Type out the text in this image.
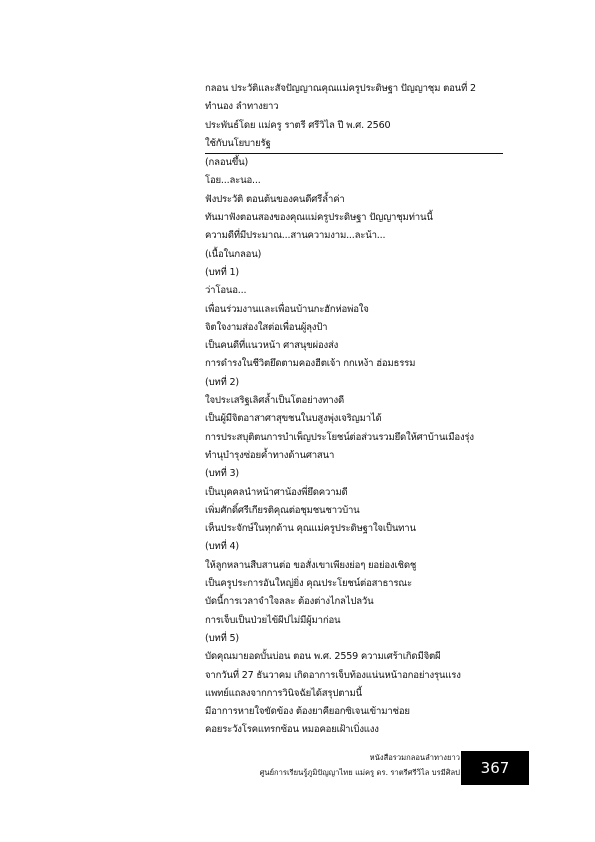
กลอน ประวัติและสัจปัญญาณคุณแม่ครูประดิษฐา ปัญญาชุม ตอนที่ 2
ทำนอง ลำทางยาว
ประพันธ์โดย แม่ครู ราตรี ศรีวิไล ปี พ.ศ. 2560
ใช้กับนโยบายรัฐ
(กลอนขึ้น)
โอย...ละนอ...
ฟังประวัติ ตอนต้นของคนดีศรีล้ำค่า
ทันมาฟังตอนสองของคุณแม่ครูประดิษฐา ปัญญาชุมท่านนี้
ความดีที่มีประมาณ...สานความงาม...ละน้า...
(เนื้อในกลอน)
(บทที่ 1)
ว่าโอนอ...
เพื่อนร่วมงานและเพื่อนบ้านกะฮักห่อพ่อใจ
จิตใจงามส่องใสต่อเพื่อนผู้ลุงป้า
เป็นคนดีที่แนวหน้า ศาสนุขผ่องส่ง
การดำรงในชีวิตยึดตามคองฮีตเจ้า กกเหง้า ฮ่อมธรรม
(บทที่ 2)
ใจประเสริฐเลิศล้ำเป็นโตอย่างทางดี
เป็นผู้มีจิตอาสาศาสุขชนในบสูงพุ่งเจริญมาได้
การประสบุติตนการบำเพ็ญประโยชน์ต่อส่วนรวมยึดให้ศาบ้านเมืองรุ่ง
ทำนุบำรุงซ่อยค้ำทางด้านศาสนา
(บทที่ 3)
เป็นบุคคลนำหน้าศาน้องพี่ยึดความดี
เพิ่มศักดิ์ศรีเกียรติคุณต่อชุมชนชาวบ้าน
เห็นประจักษ์ในทุกด้าน คุณแม่ครูประดิษฐาใจเป็นทาน
(บทที่ 4)
ให้ลูกหลานสืบสานต่อ ขอสั่งเขาเพียงย่อๆ ยอย่องเชิดชู
เป็นครูประการอันใหญ่ยิ่ง คุณประโยชน์ต่อสาธารณะ
บัดนี้การเวลาจำใจลละ ต้องต่างไกลไปลวัน
การเจ็บเป็นป่วยไข้ผีปไม่มีผู้มาก่อน
(บทที่ 5)
บัดคุณมายอดบั้นบ่อน ตอน พ.ศ. 2559 ความเศร้าเกิดมีจิตผี
จากวันที่ 27 ธันวาคม เกิดอาการเจ็บท้องแน่นหน้าอกอย่างรุนแรง
แพทย์แถลงจากการวินิจฉัยได้สรุปตามนี้
มีอาการหายใจขัดข้อง ต้องยาคียอกซิเจนเข้ามาช่อย
คอยระวังโรคแทรกซ้อน หมอคอยเฝ้าเบิ่งแงง
หนังสือรวมกลอนลำทางยาว
ศูนย์การเรียนรู้ภูมิปัญญาไทย แม่ครู ดร. ราตรีศรีวิไล บรมีศิลป	367
